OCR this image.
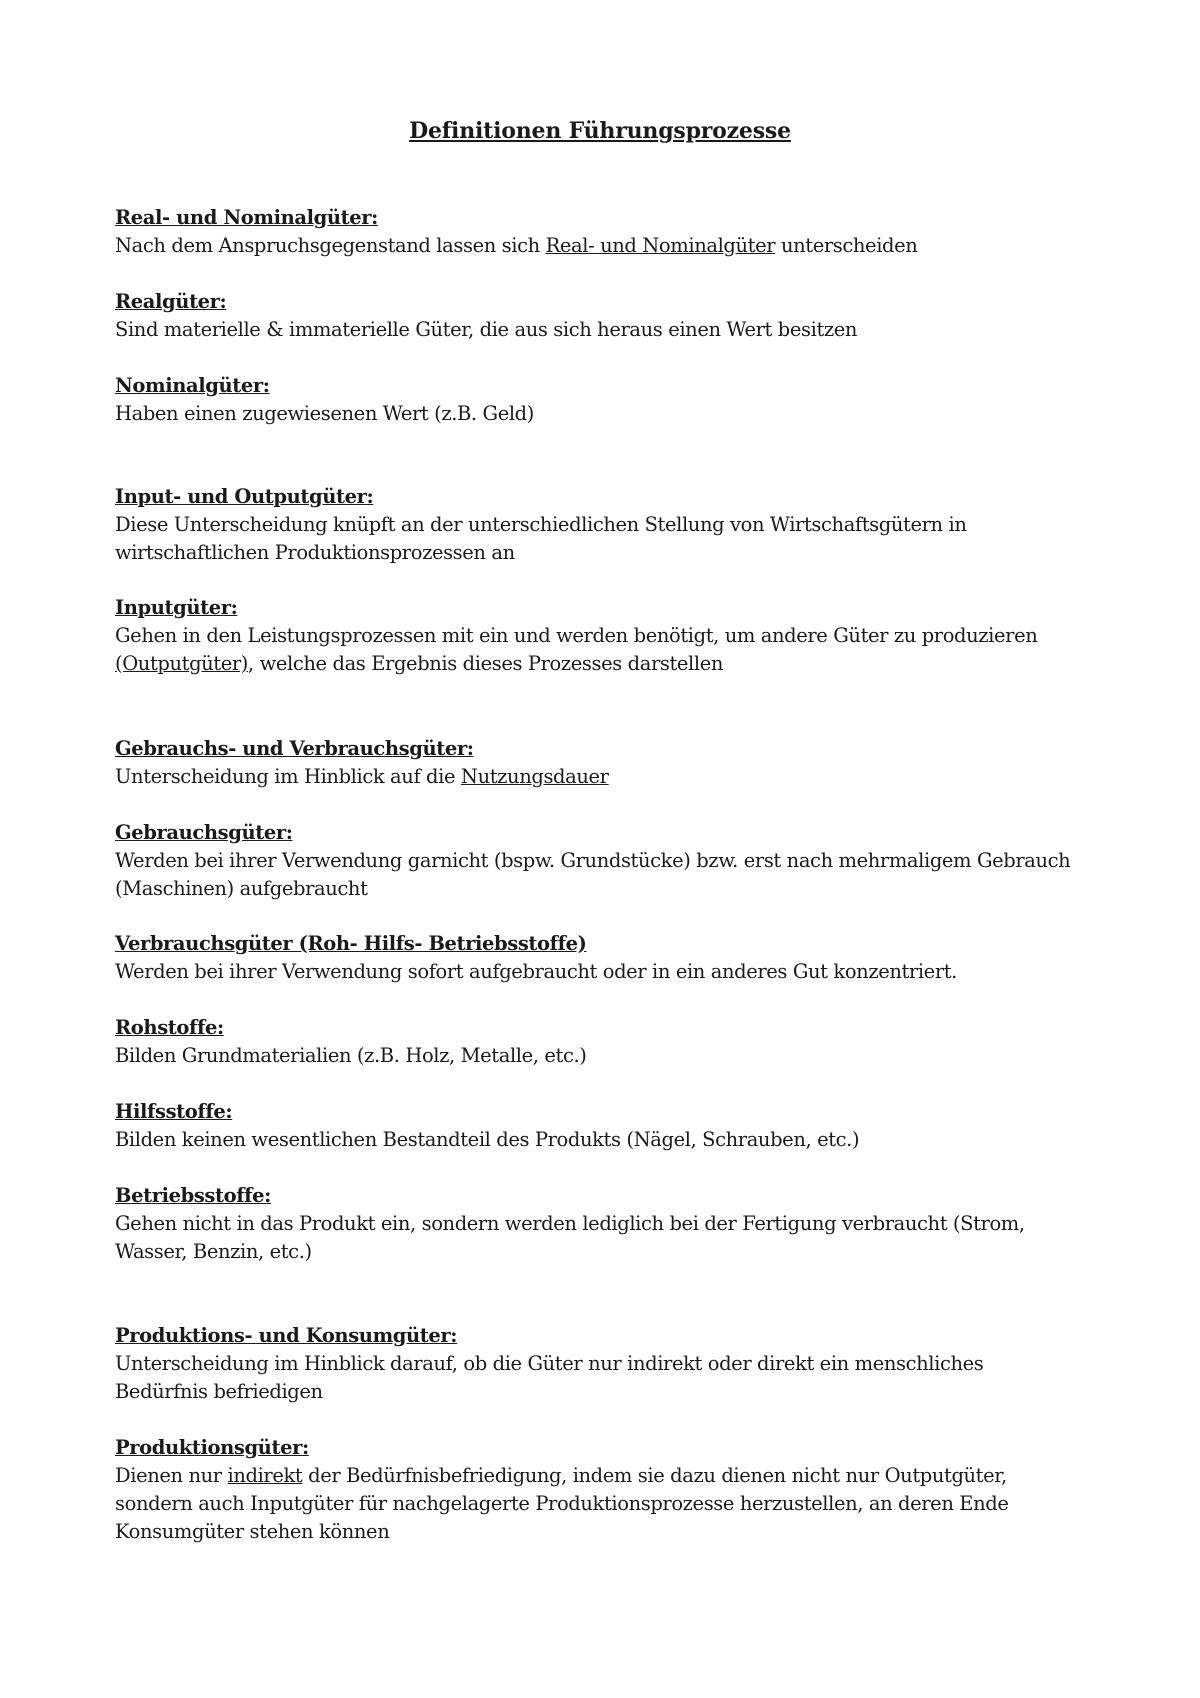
Definitionen Führungsprozesse
Real- und Nominalgüter:
Nach dem Anspruchsgegenstand lassen sich Real- und Nominalgüter unterscheiden
Realgüter:
Sind materielle & immaterielle Güter, die aus sich heraus einen Wert besitzen
Nominalgüter:
Haben einen zugewiesenen Wert (z.B. Geld)
Input- und Outputgüter:
Diese Unterscheidung knüpft an der unterschiedlichen Stellung von Wirtschaftsgütern in
wirtschaftlichen Produktionsprozessen an
Inputgüter:
Gehen in den Leistungsprozessen mit ein und werden benötigt, um andere Güter zu produzieren
(Outputgüter), welche das Ergebnis dieses Prozesses darstellen
Gebrauchs- und Verbrauchsgüter:
Unterscheidung im Hinblick auf die Nutzungsdauer
Gebrauchsgüter:
Werden bei ihrer Verwendung garnicht (bspw. Grundstücke) bzw. erst nach mehrmaligem Gebrauch
(Maschinen) aufgebraucht
Verbrauchsgüter (Roh- Hilfs- Betriebsstoffe)
Werden bei ihrer Verwendung sofort aufgebraucht oder in ein anderes Gut konzentriert.
Rohstoffe:
Bilden Grundmaterialien (z.B. Holz, Metalle, etc.)
Hilfsstoffe:
Bilden keinen wesentlichen Bestandteil des Produkts (Nägel, Schrauben, etc.)
Betriebsstoffe:
Gehen nicht in das Produkt ein, sondern werden lediglich bei der Fertigung verbraucht (Strom,
Wasser, Benzin, etc.)
Produktions- und Konsumgüter:
Unterscheidung im Hinblick darauf, ob die Güter nur indirekt oder direkt ein menschliches
Bedürfnis befriedigen
Produktionsgüter:
Dienen nur indirekt der Bedürfnisbefriedigung, indem sie dazu dienen nicht nur Outputgüter,
sondern auch Inputgüter für nachgelagerte Produktionsprozesse herzustellen, an deren Ende
Konsumgüter stehen können
